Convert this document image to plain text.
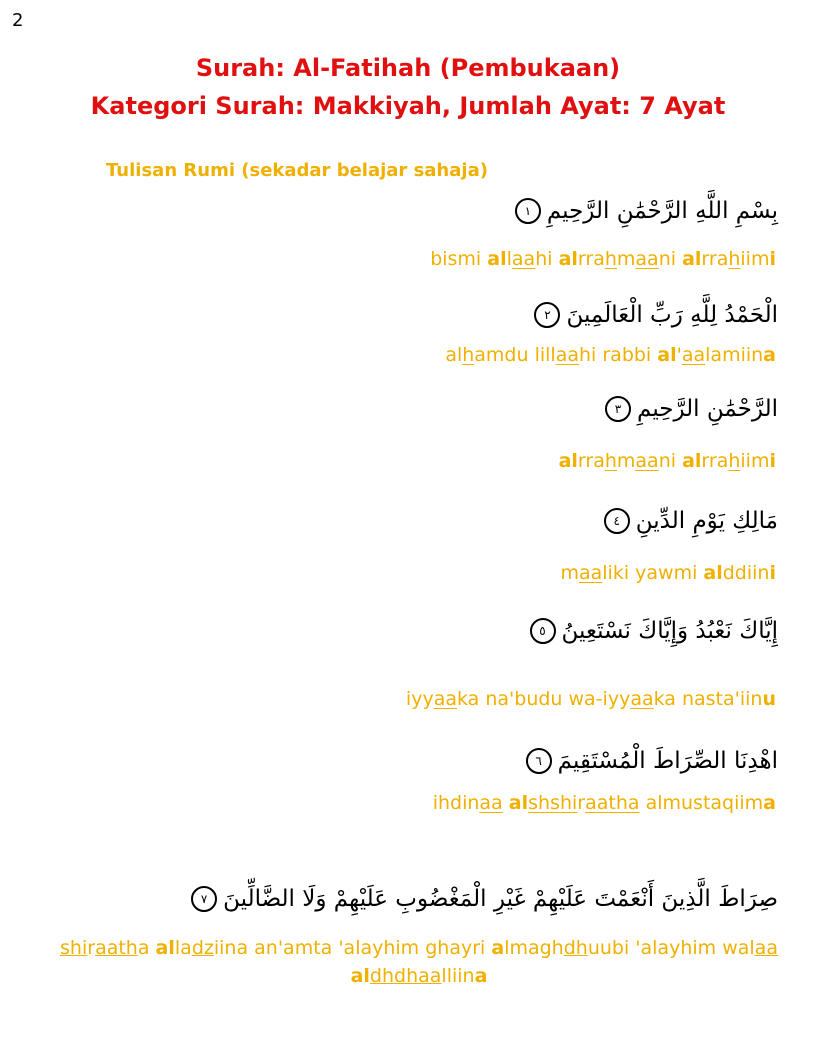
2
Surah: Al-Fatihah (Pembukaan)
Kategori Surah: Makkiyah, Jumlah Ayat: 7 Ayat
Tulisan Rumi (sekadar belajar sahaja)
بِسْمِ اللَّهِ الرَّحْمَٰنِ الرَّحِيمِ
١
bismi allaahi alrrahmaani alrrahiimi
الْحَمْدُ لِلَّهِ رَبِّ الْعَالَمِينَ
٢
alhamdu lillaahi rabbi al'aalamiina
الرَّحْمَٰنِ الرَّحِيمِ
٣
alrrahmaani alrrahiimi
مَالِكِ يَوْمِ الدِّينِ
٤
maaliki yawmi alddiini
إِيَّاكَ نَعْبُدُ وَإِيَّاكَ نَسْتَعِينُ
٥
iyyaaka na'budu wa-iyyaaka nasta'iinu
اهْدِنَا الصِّرَاطَ الْمُسْتَقِيمَ
٦
ihdinaa alshshiraatha almustaqiima
صِرَاطَ الَّذِينَ أَنْعَمْتَ عَلَيْهِمْ غَيْرِ الْمَغْضُوبِ عَلَيْهِمْ وَلَا الضَّالِّينَ
٧
shiraatha alladziina an'amta 'alayhim ghayri almaghdhuubi 'alayhim walaa aldhdhaalliina
